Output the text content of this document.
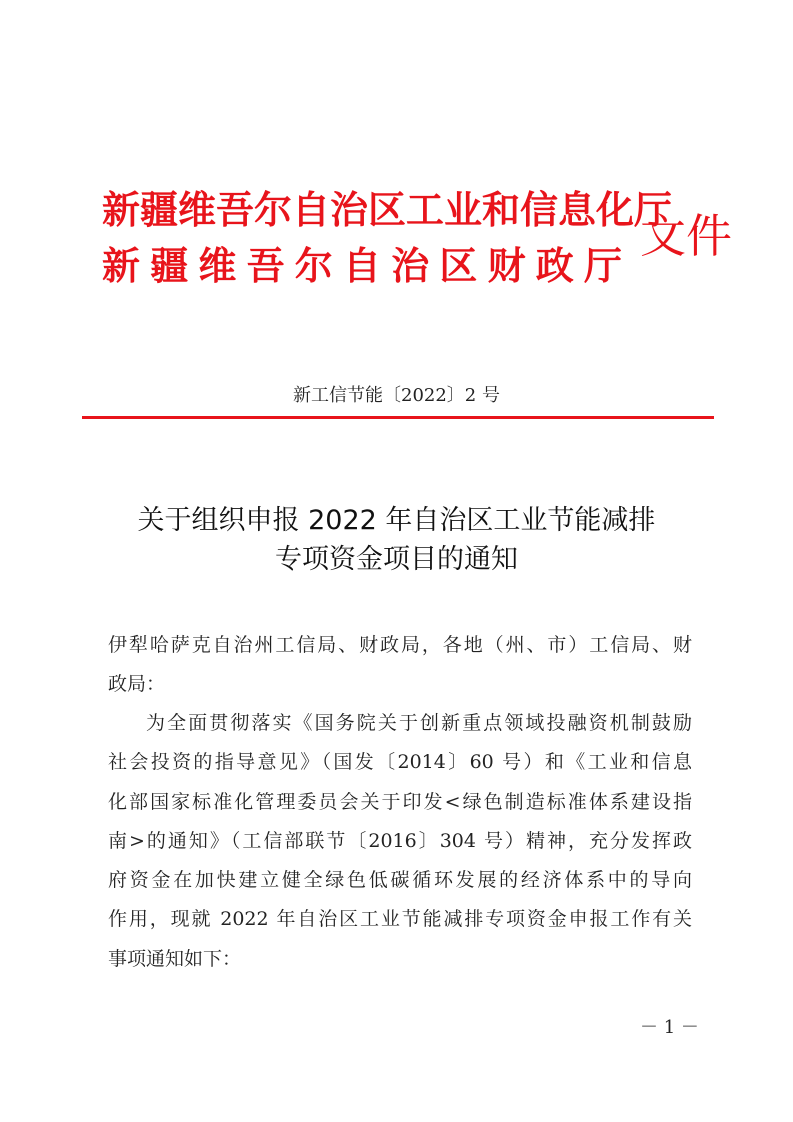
新疆维吾尔自治区工业和信息化厅
新疆维吾尔自治区财政厅
文件
新工信节能〔2022〕2 号
关于组织申报 2022 年自治区工业节能减排
专项资金项目的通知
伊犁哈萨克自治州工信局、财政局，各地（州、市）工信局、财
政局：
为全面贯彻落实《国务院关于创新重点领域投融资机制鼓励
社会投资的指导意见》（国发〔2014〕60 号）和《工业和信息
化部国家标准化管理委员会关于印发<绿色制造标准体系建设指
南>的通知》（工信部联节〔2016〕304 号）精神，充分发挥政
府资金在加快建立健全绿色低碳循环发展的经济体系中的导向
作用，现就 2022 年自治区工业节能减排专项资金申报工作有关
事项通知如下：
－ 1 －
